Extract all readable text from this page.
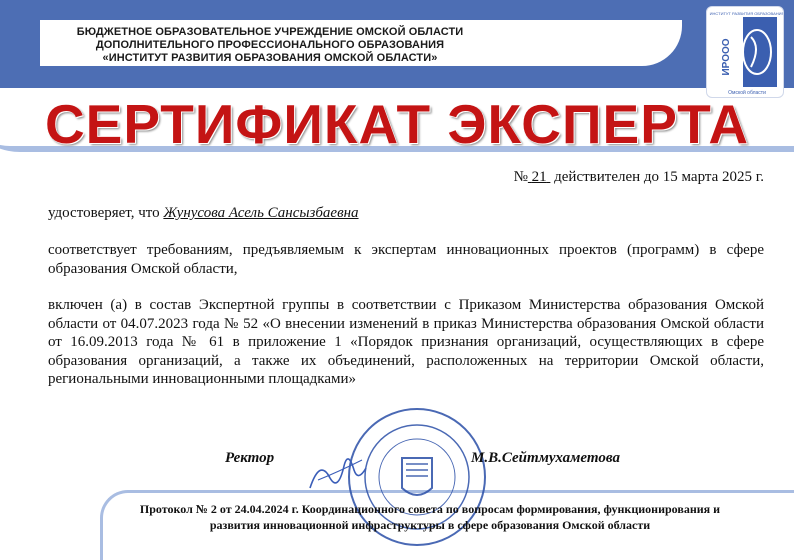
БЮДЖЕТНОЕ ОБРАЗОВАТЕЛЬНОЕ УЧРЕЖДЕНИЕ ОМСКОЙ ОБЛАСТИ
ДОПОЛНИТЕЛЬНОГО ПРОФЕССИОНАЛЬНОГО ОБРАЗОВАНИЯ
«ИНСТИТУТ РАЗВИТИЯ ОБРАЗОВАНИЯ ОМСКОЙ ОБЛАСТИ»	ИРООО
ИНСТИТУТ РАЗВИТИЯ ОБРАЗОВАНИЯ
Омской области
СЕРТИФИКАТ ЭКСПЕРТА
№ 21 действителен до 15 марта 2025 г.
удостоверяет, что Жунусова Асель Сансызбаевна
соответствует требованиям, предъявляемым к экспертам инновационных проектов (программ) в сфере образования Омской области,
включен (а) в состав Экспертной группы в соответствии с Приказом Министерства образования Омской области от 04.07.2023 года № 52 «О внесении изменений в приказ Министерства образования Омской области от 16.09.2013 года № 61 в приложение 1 «Порядок признания организаций, осуществляющих в сфере образования организаций, а также их объединений, расположенных на территории Омской области, региональными инновационными площадками»
Ректор	М.В.Сейтмухаметова
Протокол № 2 от 24.04.2024 г. Координационного совета по вопросам формирования, функционирования и
развития инновационной инфраструктуры в сфере образования Омской области
